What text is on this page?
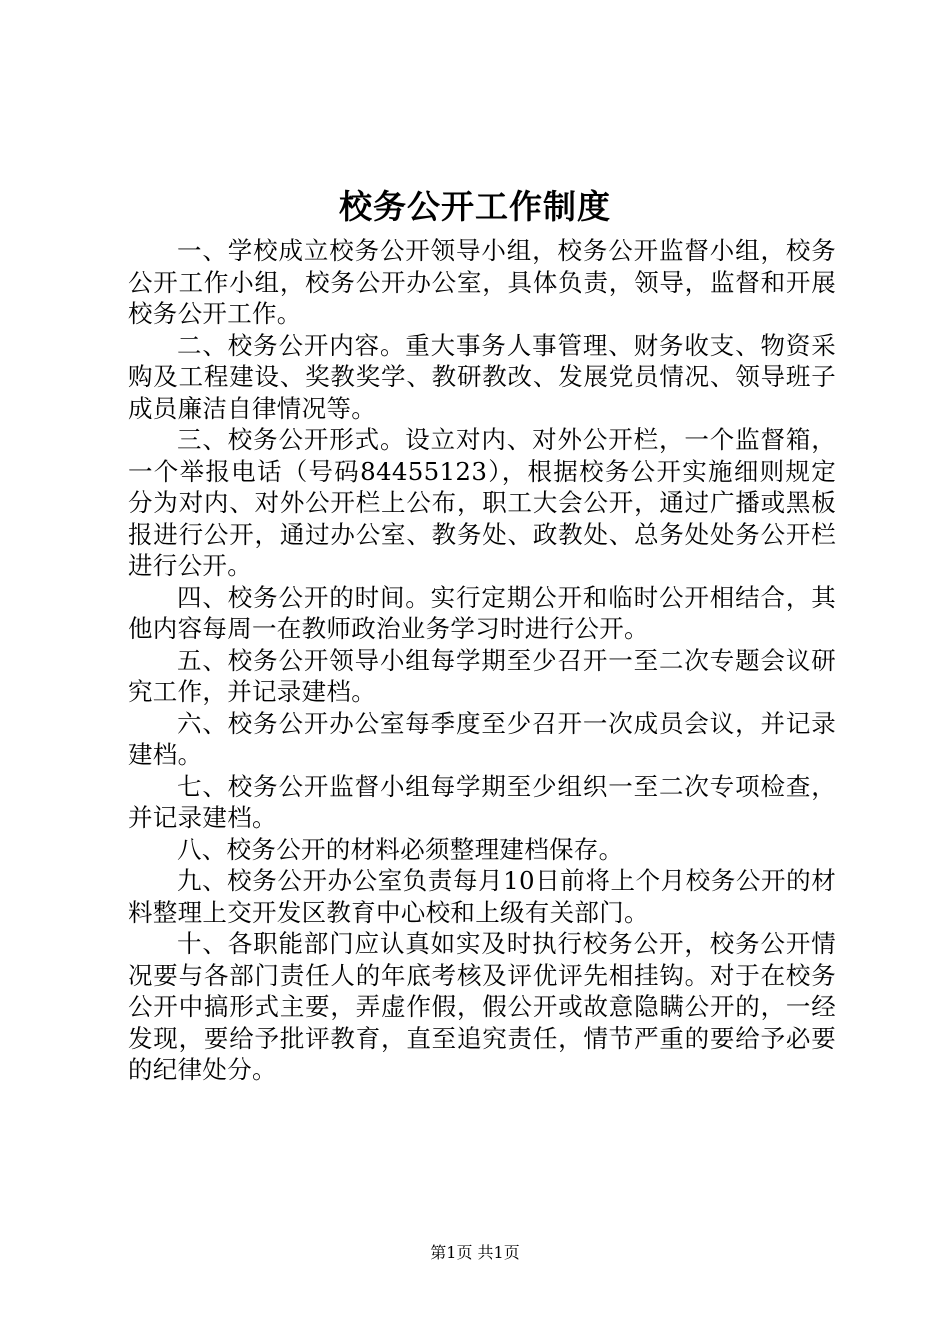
校务公开工作制度

一、学校成立校务公开领导小组，校务公开监督小组，校务公开工作小组，校务公开办公室，具体负责，领导，监督和开展校务公开工作。

二、校务公开内容。重大事务人事管理、财务收支、物资采购及工程建设、奖教奖学、教研教改、发展党员情况、领导班子成员廉洁自律情况等。

三、校务公开形式。设立对内、对外公开栏，一个监督箱，一个举报电话（号码84455123），根据校务公开实施细则规定分为对内、对外公开栏上公布，职工大会公开，通过广播或黑板报进行公开，通过办公室、教务处、政教处、总务处处务公开栏进行公开。

四、校务公开的时间。实行定期公开和临时公开相结合，其他内容每周一在教师政治业务学习时进行公开。

五、校务公开领导小组每学期至少召开一至二次专题会议研究工作，并记录建档。

六、校务公开办公室每季度至少召开一次成员会议，并记录建档。

七、校务公开监督小组每学期至少组织一至二次专项检查，并记录建档。

八、校务公开的材料必须整理建档保存。

九、校务公开办公室负责每月10日前将上个月校务公开的材料整理上交开发区教育中心校和上级有关部门。

十、各职能部门应认真如实及时执行校务公开，校务公开情况要与各部门责任人的年底考核及评优评先相挂钩。对于在校务公开中搞形式主要，弄虚作假，假公开或故意隐瞒公开的，一经发现，要给予批评教育，直至追究责任，情节严重的要给予必要的纪律处分。

第1页 共1页
